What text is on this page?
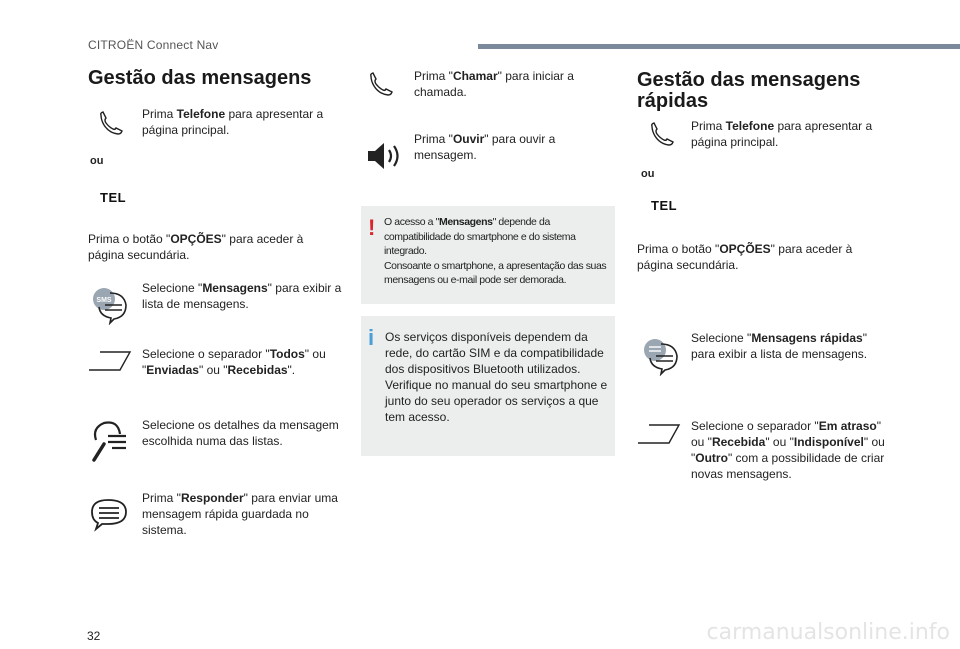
CITROËN Connect Nav
Gestão das mensagens
Prima Telefone para apresentar a página principal.
ou
TEL
Prima o botão "OPÇÕES" para aceder à página secundária.
SMS
Selecione "Mensagens" para exibir a lista de mensagens.
Selecione o separador "Todos" ou "Enviadas" ou "Recebidas".
Selecione os detalhes da mensagem escolhida numa das listas.
Prima "Responder" para enviar uma mensagem rápida guardada no sistema.
Prima "Chamar" para iniciar a chamada.
Prima "Ouvir" para ouvir a mensagem.
! O acesso a "Mensagens" depende da compatibilidade do smartphone e do sistema integrado.
Consoante o smartphone, a apresentação das suas mensagens ou e-mail pode ser demorada.
i Os serviços disponíveis dependem da rede, do cartão SIM e da compatibilidade dos dispositivos Bluetooth utilizados. Verifique no manual do seu smartphone e junto do seu operador os serviços a que tem acesso.
Gestão das mensagens
rápidas
Prima Telefone para apresentar a página principal.
ou
TEL
Prima o botão "OPÇÕES" para aceder à página secundária.
Selecione "Mensagens rápidas" para exibir a lista de mensagens.
Selecione o separador "Em atraso" ou "Recebida" ou "Indisponível" ou "Outro" com a possibilidade de criar novas mensagens.
32	carmanualsonline.info
